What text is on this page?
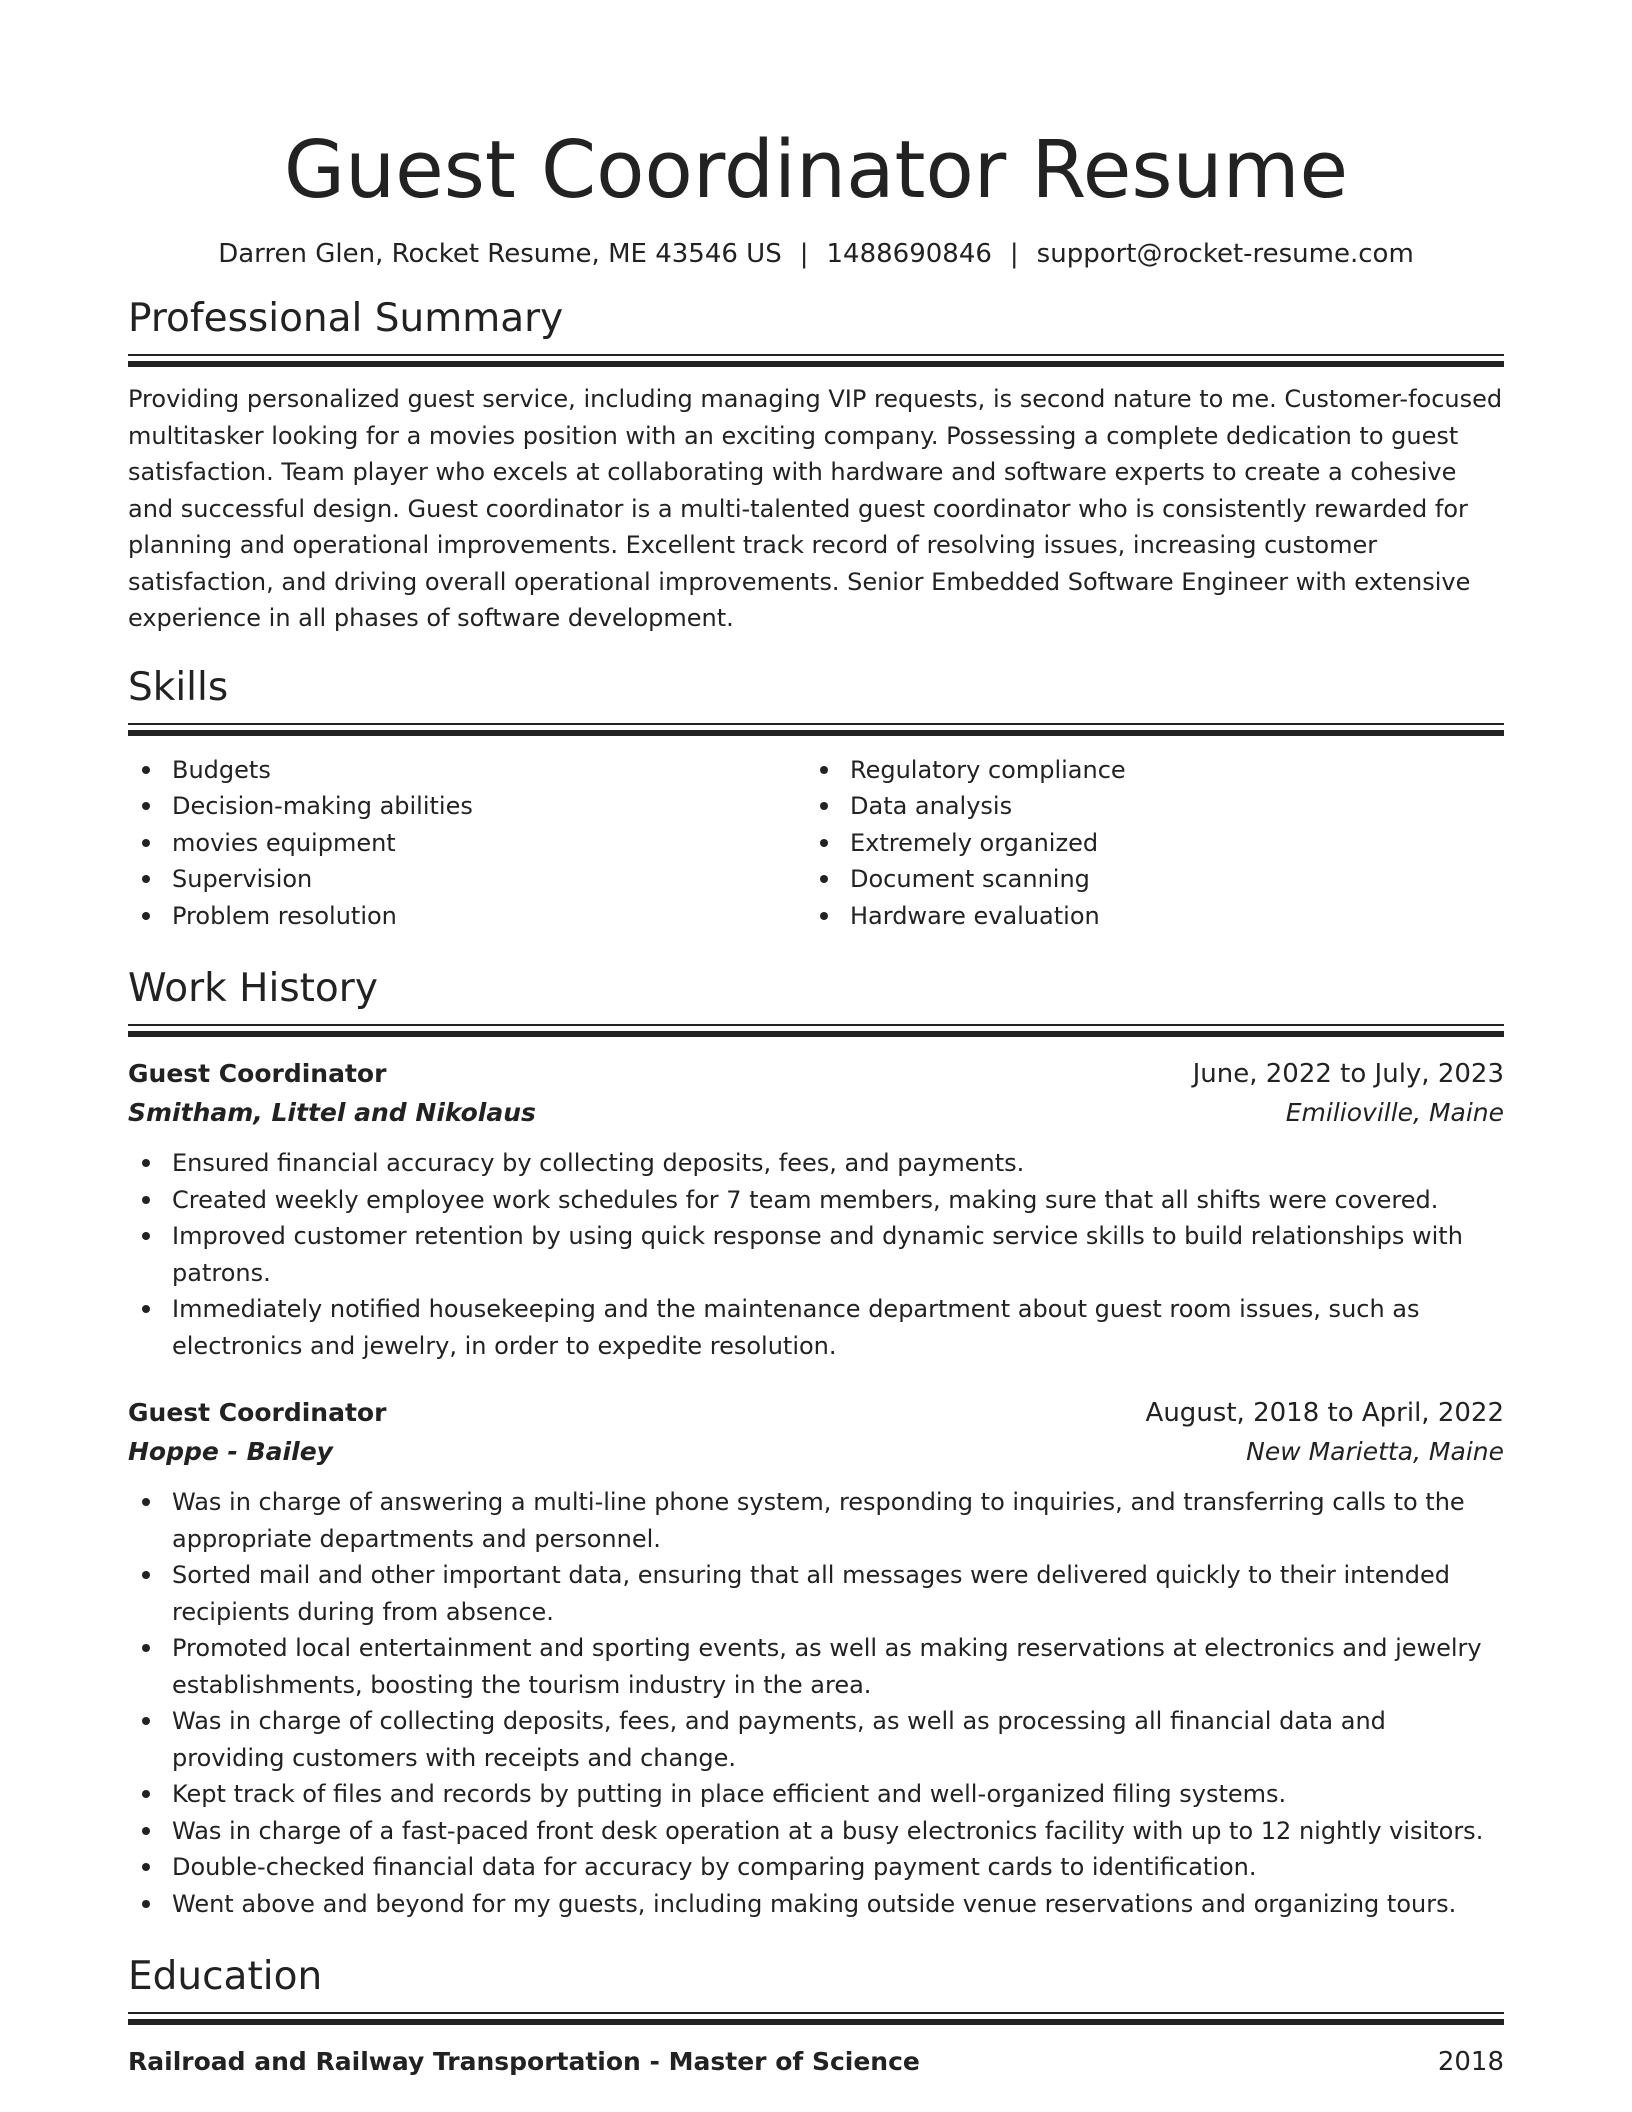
Guest Coordinator Resume
Darren Glen, Rocket Resume, ME 43546 US | 1488690846 | support@rocket-resume.com
Professional Summary

Providing personalized guest service, including managing VIP requests, is second nature to me. Customer-focused multitasker looking for a movies position with an exciting company. Possessing a complete dedication to guest satisfaction. Team player who excels at collaborating with hardware and software experts to create a cohesive and successful design. Guest coordinator is a multi-talented guest coordinator who is consistently rewarded for planning and operational improvements. Excellent track record of resolving issues, increasing customer satisfaction, and driving overall operational improvements. Senior Embedded Software Engineer with extensive experience in all phases of software development.

Skills
Budgets
Decision-making abilities
movies equipment
Supervision
Problem resolution
Regulatory compliance
Data analysis
Extremely organized
Document scanning
Hardware evaluation
Work History
Guest Coordinator	June, 2022 to July, 2023
Smitham, Littel and Nikolaus	Emilioville, Maine
Ensured financial accuracy by collecting deposits, fees, and payments.
Created weekly employee work schedules for 7 team members, making sure that all shifts were covered.
Improved customer retention by using quick response and dynamic service skills to build relationships with patrons.
Immediately notified housekeeping and the maintenance department about guest room issues, such as electronics and jewelry, in order to expedite resolution.
Guest Coordinator	August, 2018 to April, 2022
Hoppe - Bailey	New Marietta, Maine
Was in charge of answering a multi-line phone system, responding to inquiries, and transferring calls to the appropriate departments and personnel.
Sorted mail and other important data, ensuring that all messages were delivered quickly to their intended recipients during from absence.
Promoted local entertainment and sporting events, as well as making reservations at electronics and jewelry establishments, boosting the tourism industry in the area.
Was in charge of collecting deposits, fees, and payments, as well as processing all financial data and providing customers with receipts and change.
Kept track of files and records by putting in place efficient and well-organized filing systems.
Was in charge of a fast-paced front desk operation at a busy electronics facility with up to 12 nightly visitors.
Double-checked financial data for accuracy by comparing payment cards to identification.
Went above and beyond for my guests, including making outside venue reservations and organizing tours.
Education
Railroad and Railway Transportation - Master of Science	2018
